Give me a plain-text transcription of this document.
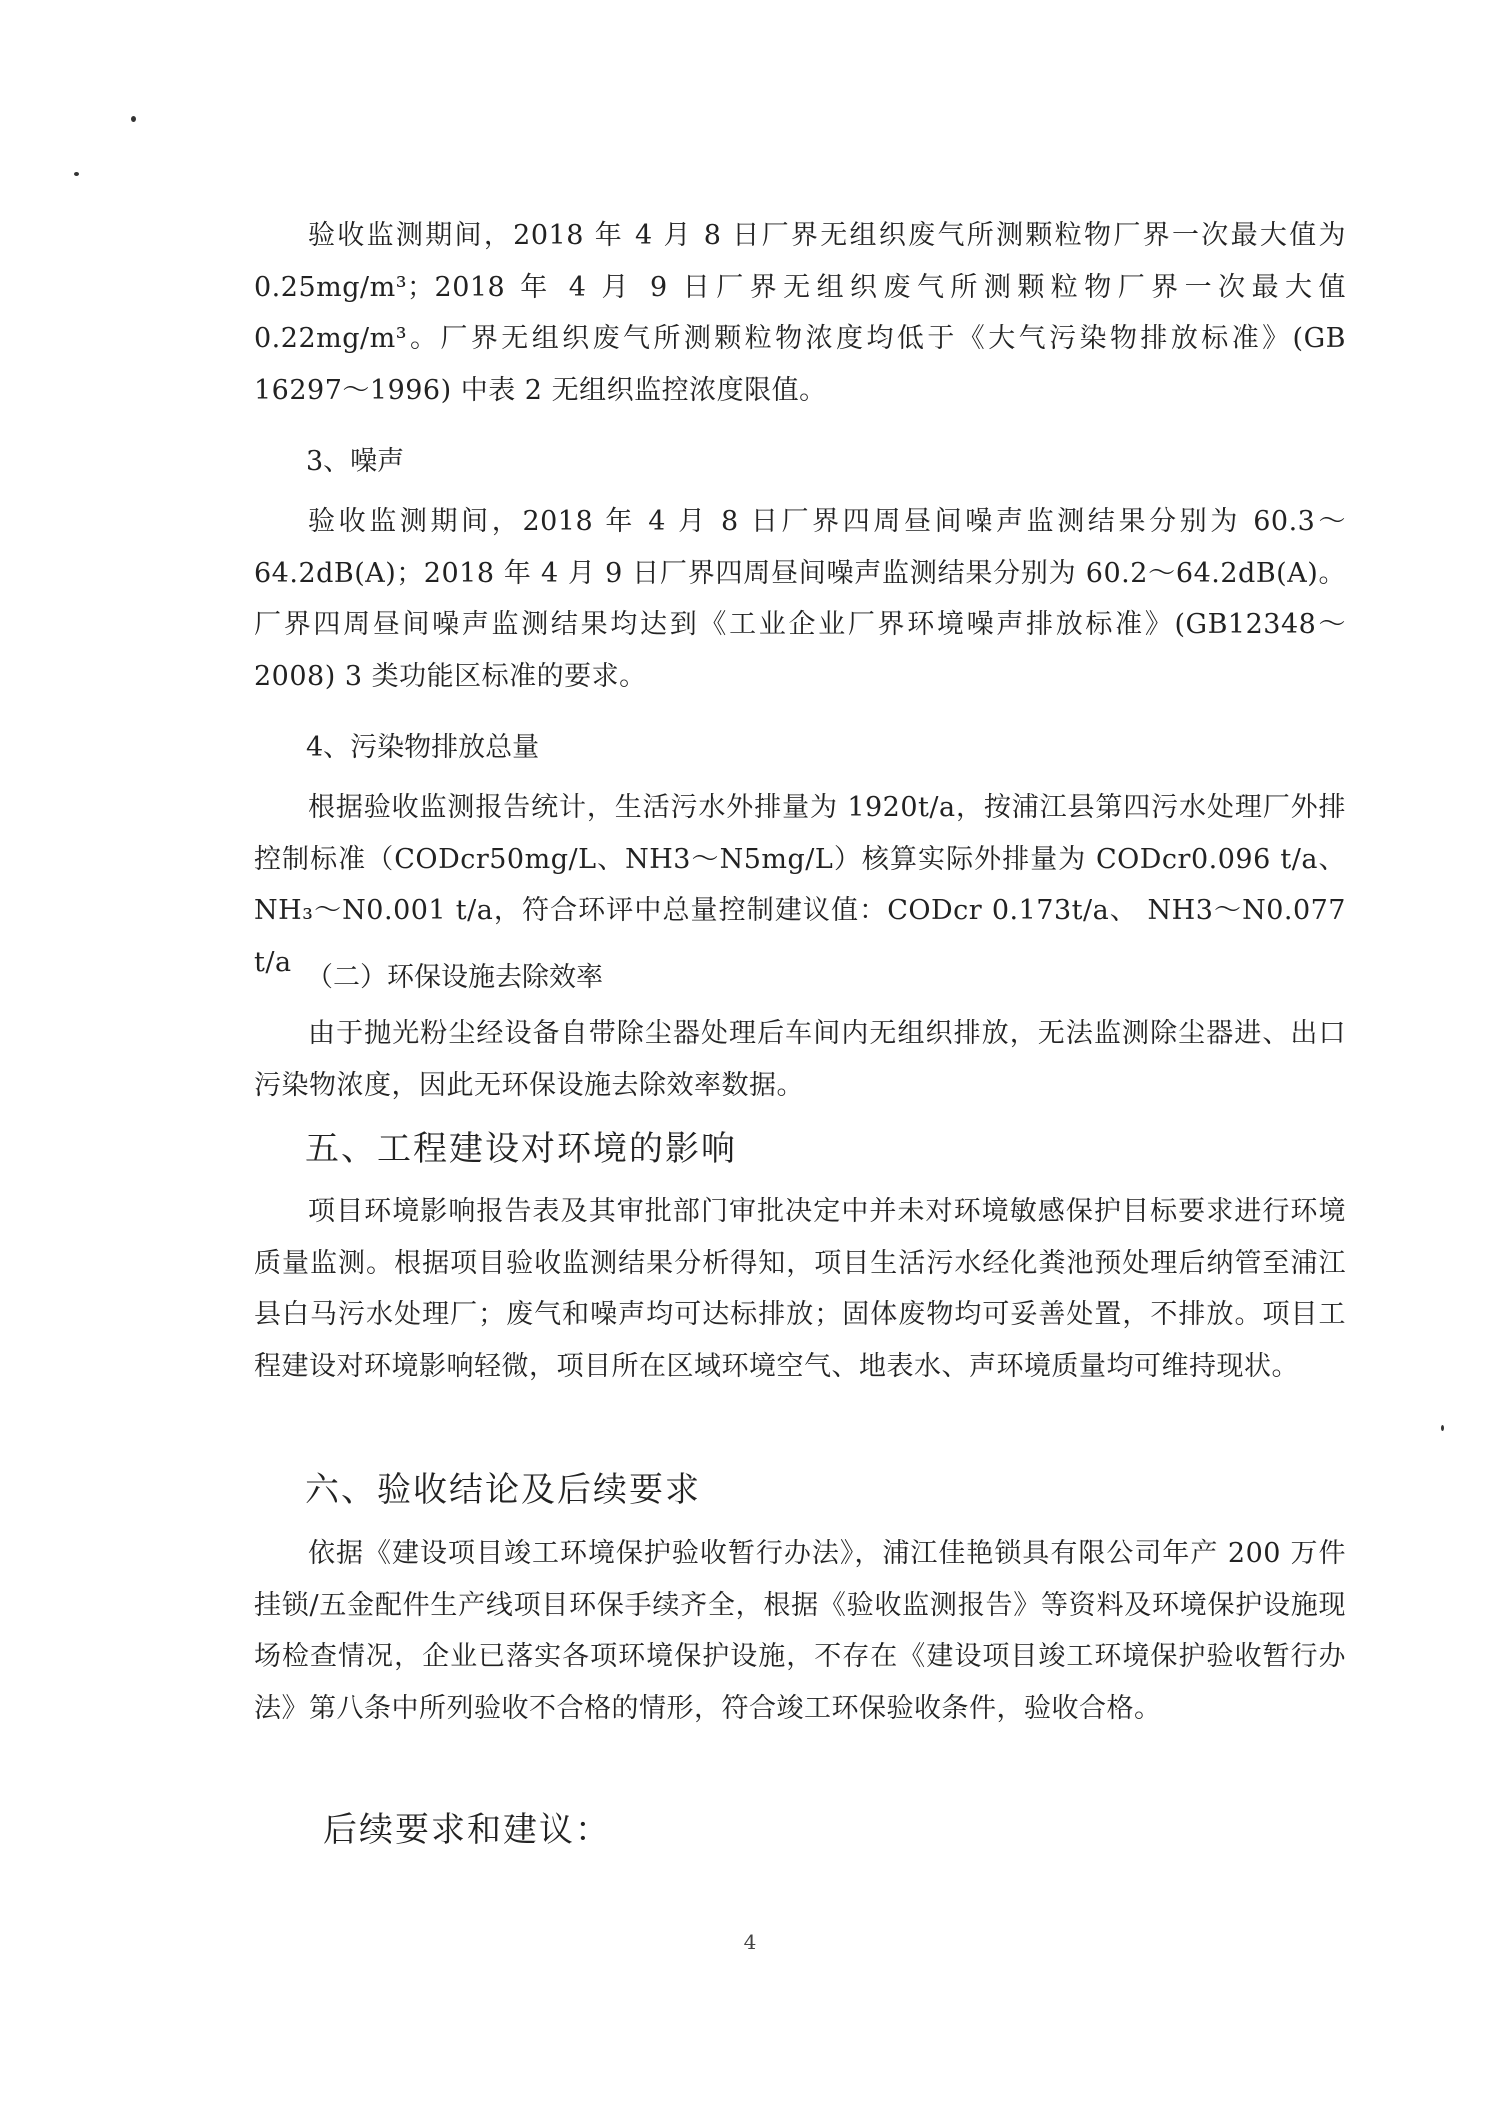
验收监测期间，2018 年 4 月 8 日厂界无组织废气所测颗粒物厂界一次最大值为 0.25mg/m³；2018 年 4 月 9 日厂界无组织废气所测颗粒物厂界一次最大值 0.22mg/m³。厂界无组织废气所测颗粒物浓度均低于《大气污染物排放标准》(GB 16297～1996) 中表 2 无组织监控浓度限值。

3、噪声

验收监测期间，2018 年 4 月 8 日厂界四周昼间噪声监测结果分别为 60.3～64.2dB(A)；2018 年 4 月 9 日厂界四周昼间噪声监测结果分别为 60.2～64.2dB(A)。厂界四周昼间噪声监测结果均达到《工业企业厂界环境噪声排放标准》(GB12348～2008) 3 类功能区标准的要求。

4、污染物排放总量

根据验收监测报告统计，生活污水外排量为 1920t/a，按浦江县第四污水处理厂外排控制标准（CODcr50mg/L、NH3～N5mg/L）核算实际外排量为 CODcr0.096 t/a、NH₃～N0.001 t/a，符合环评中总量控制建议值：CODcr 0.173t/a、 NH3～N0.077 t/a （二）环保设施去除效率

由于抛光粉尘经设备自带除尘器处理后车间内无组织排放，无法监测除尘器进、出口污染物浓度，因此无环保设施去除效率数据。

五、工程建设对环境的影响

项目环境影响报告表及其审批部门审批决定中并未对环境敏感保护目标要求进行环境质量监测。根据项目验收监测结果分析得知，项目生活污水经化粪池预处理后纳管至浦江县白马污水处理厂；废气和噪声均可达标排放；固体废物均可妥善处置，不排放。项目工程建设对环境影响轻微，项目所在区域环境空气、地表水、声环境质量均可维持现状。

六、验收结论及后续要求

依据《建设项目竣工环境保护验收暂行办法》，浦江佳艳锁具有限公司年产 200 万件挂锁/五金配件生产线项目环保手续齐全，根据《验收监测报告》等资料及环境保护设施现场检查情况，企业已落实各项环境保护设施，不存在《建设项目竣工环境保护验收暂行办法》第八条中所列验收不合格的情形，符合竣工环保验收条件，验收合格。

后续要求和建议：
4
